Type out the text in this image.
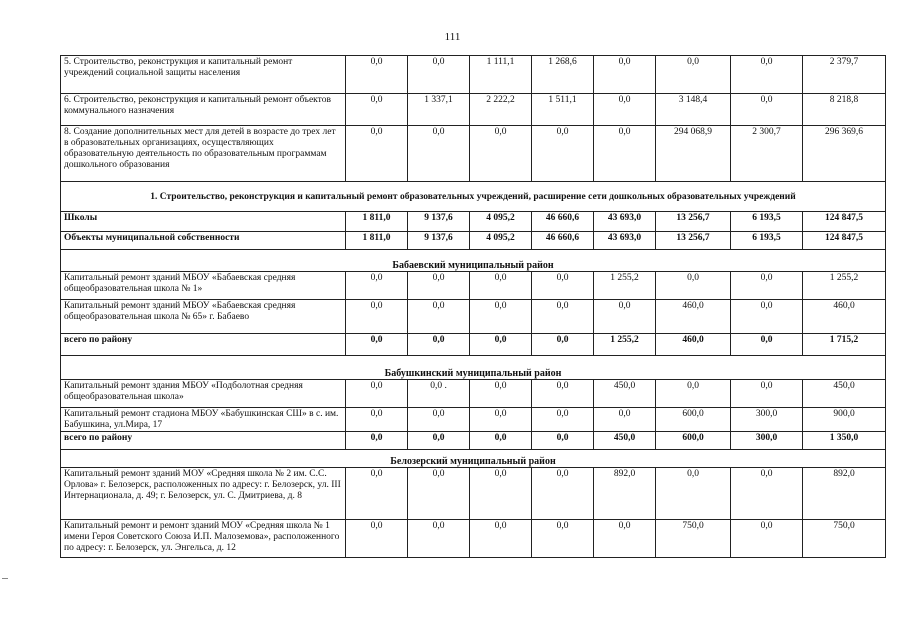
111
5. Строительство, реконструкция и капитальный ремонт учреждений социальной защиты населения	0,0	0,0	1 111,1	1 268,6	0,0	0,0	0,0	2 379,7
6. Строительство, реконструкция и капитальный ремонт объектов коммунального назначения	0,0	1 337,1	2 222,2	1 511,1	0,0	3 148,4	0,0	8 218,8
8. Создание дополнительных мест для детей в возрасте до трех лет в образовательных организациях, осуществляющих образовательную деятельность по образовательным программам дошкольного образования	0,0	0,0	0,0	0,0	0,0	294 068,9	2 300,7	296 369,6
1. Строительство, реконструкция и капитальный ремонт образовательных учреждений, расширение сети дошкольных образовательных учреждений								
Школы	1 811,0	9 137,6	4 095,2	46 660,6	43 693,0	13 256,7	6 193,5	124 847,5
Объекты муниципальной собственности	1 811,0	9 137,6	4 095,2	46 660,6	43 693,0	13 256,7	6 193,5	124 847,5
Бабаевский муниципальный район								
Капитальный ремонт зданий МБОУ «Бабаевская средняя общеобразовательная школа № 1»	0,0	0,0	0,0	0,0	1 255,2	0,0	0,0	1 255,2
Капитальный ремонт зданий МБОУ «Бабаевская средняя общеобразовательная школа № 65» г. Бабаево	0,0	0,0	0,0	0,0	0,0	460,0	0,0	460,0
всего по району	0,0	0,0	0,0	0,0	1 255,2	460,0	0,0	1 715,2
Бабушкинский муниципальный район								
Капитальный ремонт здания МБОУ «Подболотная средняя общеобразовательная школа»	0,0	0,0 .	0,0	0,0	450,0	0,0	0,0	450,0
Капитальный ремонт стадиона МБОУ «Бабушкинская СШ» в с. им. Бабушкина, ул.Мира, 17	0,0	0,0	0,0	0,0	0,0	600,0	300,0	900,0
всего по району	0,0	0,0	0,0	0,0	450,0	600,0	300,0	1 350,0
Белозерский муниципальный район								
Капитальный ремонт зданий МОУ «Средняя школа № 2 им. С.С. Орлова» г. Белозерск, расположенных по адресу: г. Белозерск, ул. III Интернационала, д. 49; г. Белозерск, ул. С. Дмитриева, д. 8	0,0	0,0	0,0	0,0	892,0	0,0	0,0	892,0
Капитальный ремонт и ремонт зданий МОУ «Средняя школа № 1 имени Героя Советского Союза И.П. Малоземова», расположенного по адресу: г. Белозерск, ул. Энгельса, д. 12	0,0	0,0	0,0	0,0	0,0	750,0	0,0	750,0
